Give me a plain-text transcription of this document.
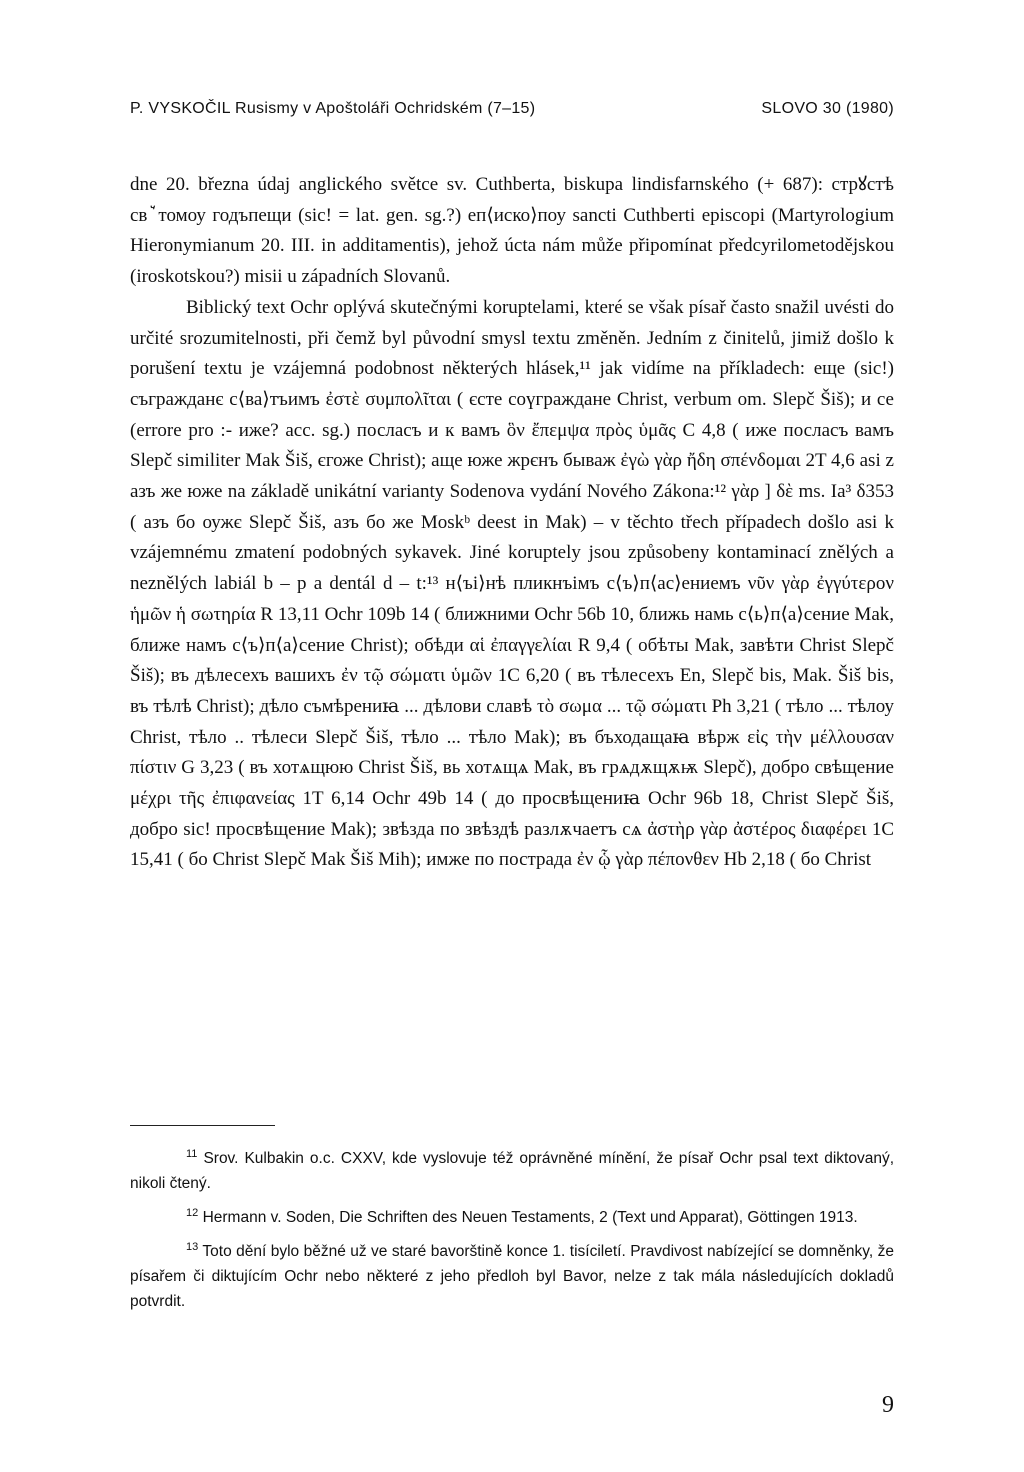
P. VYSKOČIL Rusismy v Apoštoláři Ochridském (7–15)	SLOVO 30 (1980)

dne 20. března údaj anglického světce sv. Cuthberta, biskupa lindisfarnského (+ 687): стрꙋстѣ свꙿтомоу годъпещи (sic! = lat. gen. sg.?) еп⟨иско⟩поу sancti Cuthberti episcopi (Martyrologium Hieronymianum 20. III. in additamentis), jehož úcta nám může připomínat předcyrilometodějskou (iroskotskou?) misii u západních Slovanů.

Biblický text Ochr oplývá skutečnými koruptelami, které se však písař často snažil uvésti do určité srozumitelnosti, při čemž byl původní smysl textu změněn. Jedním z činitelů, jimiž došlo k porušení textu je vzájemná podobnost některých hlásek,¹¹ jak vidíme na příkladech: еще (sic!) съгражданє с⟨ва⟩тъимъ ἐστὲ συμπολῖται ( єсте соүграждане Christ, verbum om. Slepč Šiš); и се (errore pro :- иже? acc. sg.) посласъ и к вамъ ὃν ἔπεμψα πρὸς ὑμᾶς C 4,8 ( иже посласъ вамъ Slepč similiter Mak Šiš, єгоже Christ); аще юже жрєнъ бываж ἐγὼ γὰρ ἤδη σπένδομαι 2T 4,6 asi z азъ же юже na základě unikátní varianty Sodenova vydání Nového Zákona:¹² γὰρ ] δὲ ms. Ia³ δ353 ( азъ бо оужє Slepč Šiš, азъ бо же Moskᵇ deest in Mak) – v těchto třech případech došlo asi k vzájemnému zmatení podobných sykavek. Jiné koruptely jsou způsobeny kontaminací znělých a neznělých labiál b – p a dentál d – t:¹³ н⟨ъі⟩нѣ пликнъімъ с⟨ъ⟩п⟨ас⟩ениемъ νῦν γὰρ ἐγγύτερον ἡμῶν ἡ σωτηρία R 13,11 Ochr 109b 14 ( ближними Ochr 56b 10, ближь намь с⟨ь⟩п⟨а⟩сение Mak, ближе намъ с⟨ъ⟩п⟨а⟩сение Christ); обѣди αἱ ἐπαγγελίαι R 9,4 ( обѣты Mak, завѣти Christ Slepč Šiš); въ дѣлесехъ вашихъ ἐν τῷ σώματι ὑμῶν 1C 6,20 ( въ тѣлесехъ En, Slepč bis, Mak. Šiš bis, въ тѣлѣ Christ); дѣло съмѣрениꙗ ... дѣлови славѣ τὸ σωμα ... τῷ σώματι Ph 3,21 ( тѣло ... тѣлоу Christ, тѣло .. тѣлеси Slepč Šiš, тѣло ... тѣло Mak); въ бъходащаꙗ вѣрж εἰς τὴν μέλλουσαν πίστιν G 3,23 ( въ хотѧщюю Christ Šiš, вь хотѧщѧ Mak, въ грѧдѫщѫѭ Slepč), добро свѣщение μέχρι τῆς ἐπιφανείας 1T 6,14 Ochr 49b 14 ( до просвѣщениꙗ Ochr 96b 18, Christ Slepč Šiš, добро sic! просвѣщение Mak); звѣзда по звѣздѣ разлѫчаетъ сѧ ἀστὴρ γὰρ ἀστέρος διαφέρει 1C 15,41 ( бо Christ Slepč Mak Šiš Mih); имже по пострада ἐν ᾧ γὰρ πέπονθεν Hb 2,18 ( бо Christ

$^{11}$ Srov. Kulbakin o.c. CXXV, kde vyslovuje též oprávněné mínění, že písař Ochr psal text diktovaný, nikoli čtený.

$^{12}$ Hermann v. Soden, Die Schriften des Neuen Testaments, 2 (Text und Apparat), Göttingen 1913.

$^{13}$ Toto dění bylo běžné už ve staré bavorštině konce 1. tisíciletí. Pravdivost nabízející se domněnky, že písařem či diktujícím Ochr nebo některé z jeho předloh byl Bavor, nelze z tak mála následujících dokladů potvrdit.

9
